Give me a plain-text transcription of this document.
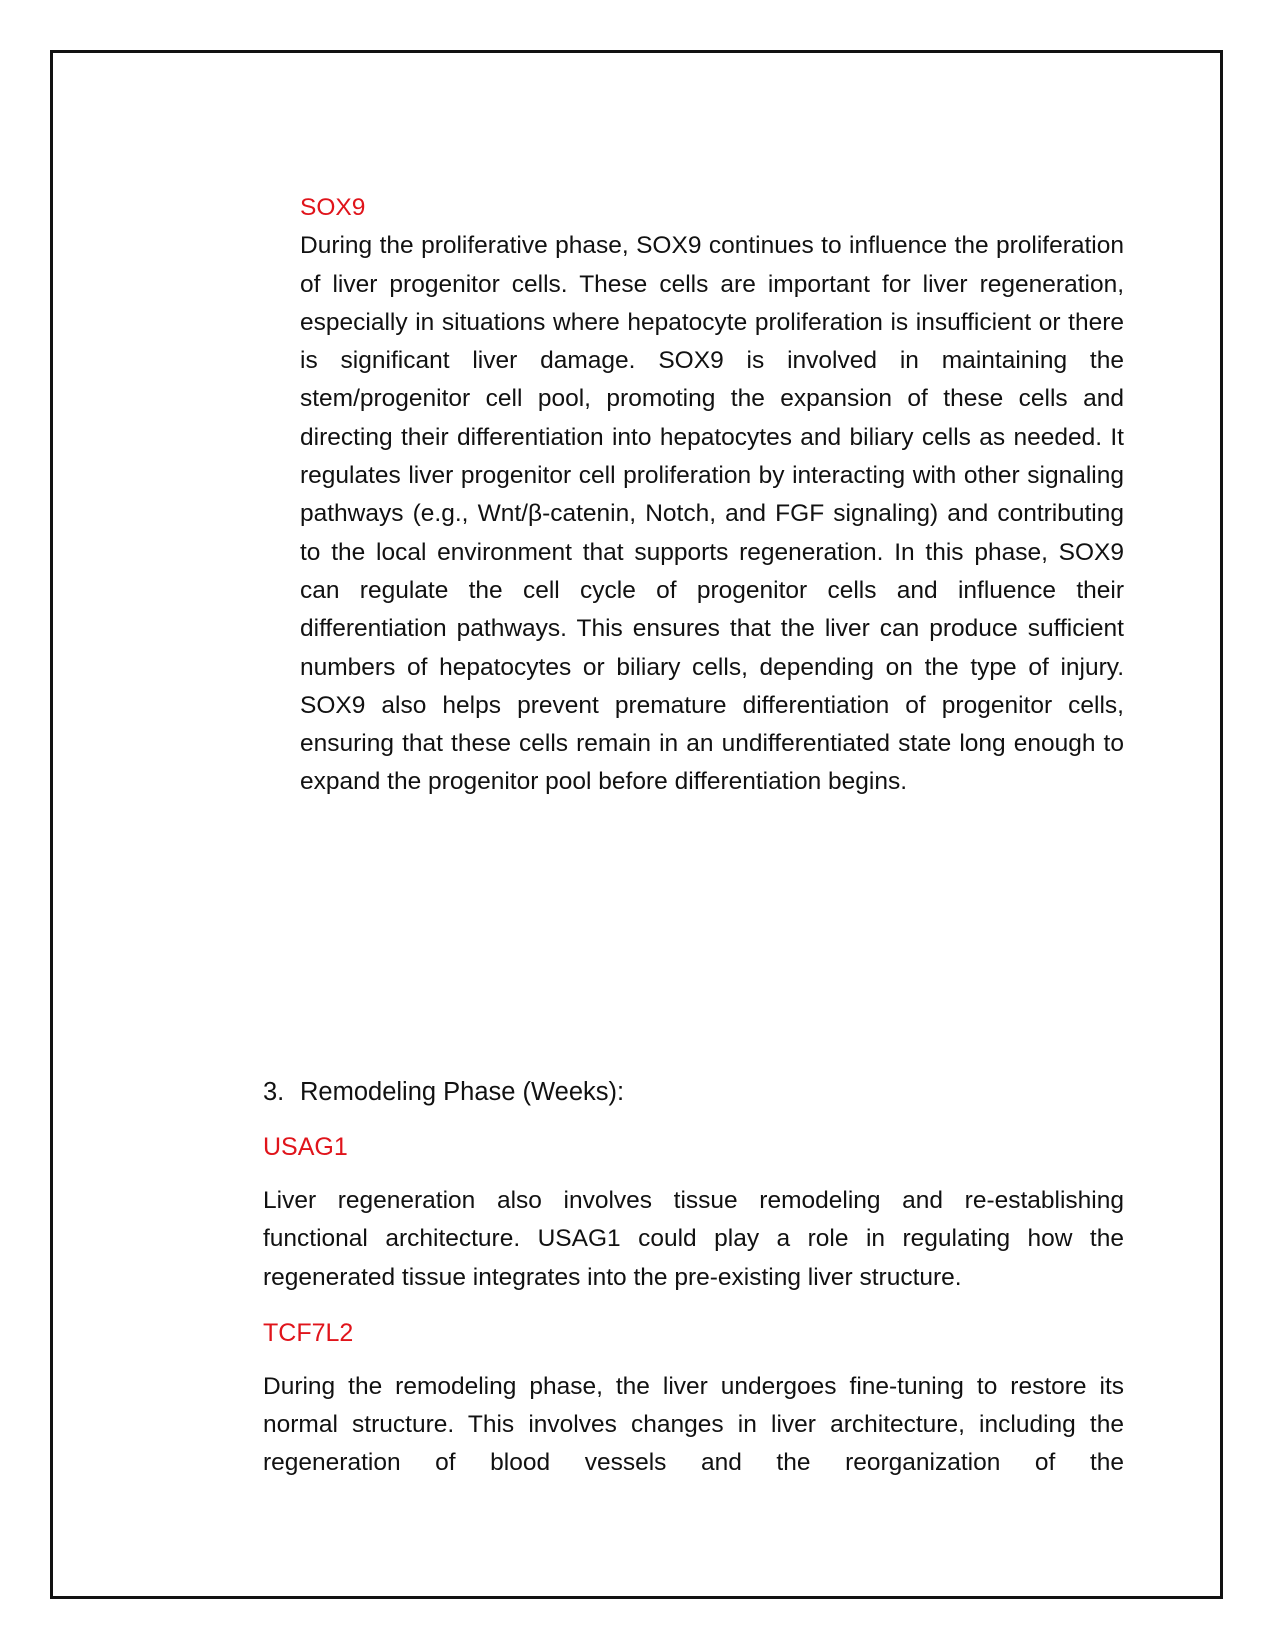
SOX9

During the proliferative phase, SOX9 continues to influence the proliferation of liver progenitor cells. These cells are important for liver regeneration, especially in situations where hepatocyte proliferation is insufficient or there is significant liver damage. SOX9 is involved in maintaining the stem/progenitor cell pool, promoting the expansion of these cells and directing their differentiation into hepatocytes and biliary cells as needed. It regulates liver progenitor cell proliferation by interacting with other signaling pathways (e.g., Wnt/β-catenin, Notch, and FGF signaling) and contributing to the local environment that supports regeneration. In this phase, SOX9 can regulate the cell cycle of progenitor cells and influence their differentiation pathways. This ensures that the liver can produce sufficient numbers of hepatocytes or biliary cells, depending on the type of injury. SOX9 also helps prevent premature differentiation of progenitor cells, ensuring that these cells remain in an undifferentiated state long enough to expand the progenitor pool before differentiation begins.

3. Remodeling Phase (Weeks):
USAG1

Liver regeneration also involves tissue remodeling and re-establishing functional architecture. USAG1 could play a role in regulating how the regenerated tissue integrates into the pre-existing liver structure.

TCF7L2

During the remodeling phase, the liver undergoes fine-tuning to restore its normal structure. This involves changes in liver architecture, including the regeneration of blood vessels and the reorganization of the
